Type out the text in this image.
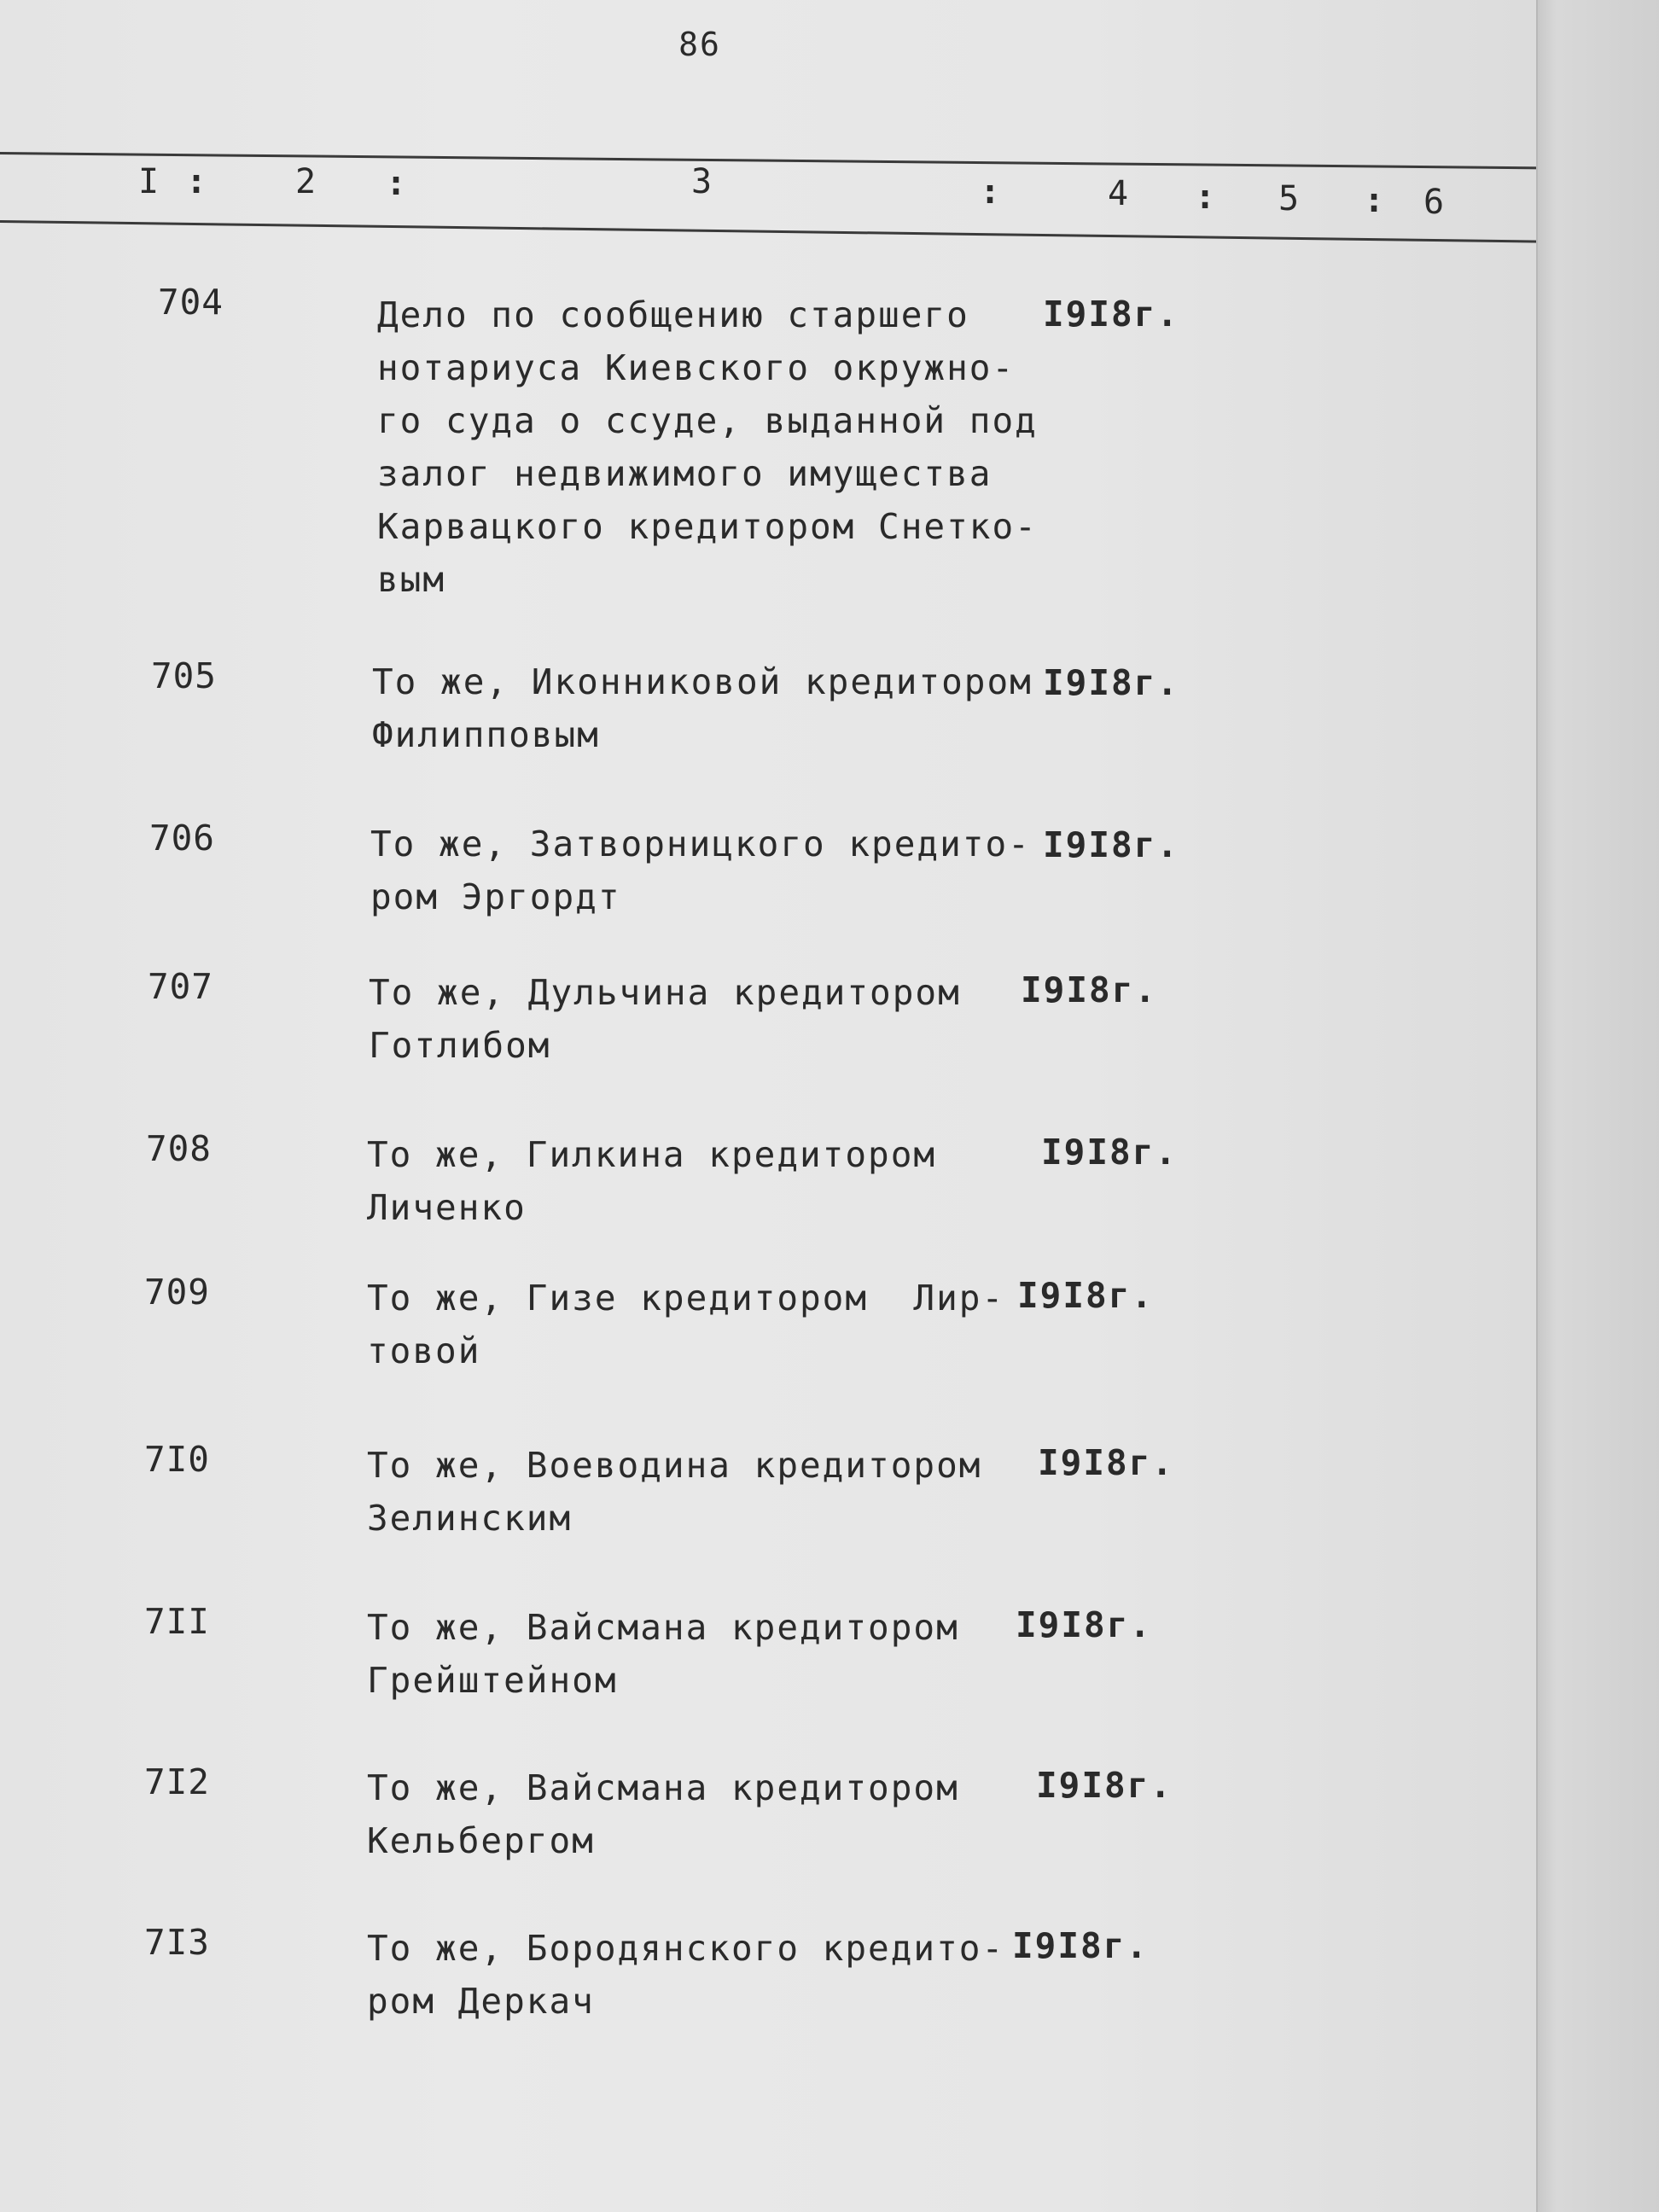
86
I :	2 :	3	:	4 : 5 : 6
704	Дело по сообщению старшего
нотариуса Киевского окружно-
го суда о ссуде, выданной под
залог недвижимого имущества
Карвацкого кредитором Снетко-
вым
I9I8г.
705	То же, Иконниковой кредитором
Филипповым
I9I8г.
706	То же, Затворницкого кредито-
ром Эргордт
I9I8г.
707	То же, Дульчина кредитором
Готлибом
I9I8г.
708	То же, Гилкина кредитором
Личенко
I9I8г.
709	То же, Гизе кредитором  Лир-
товой
I9I8г.
7I0	То же, Воеводина кредитором
Зелинским
I9I8г.
7II	То же, Вайсмана кредитором
Грейштейном
I9I8г.
7I2	То же, Вайсмана кредитором
Кельбергом
I9I8г.
7I3	То же, Бородянского кредито-
ром Деркач
I9I8г.
